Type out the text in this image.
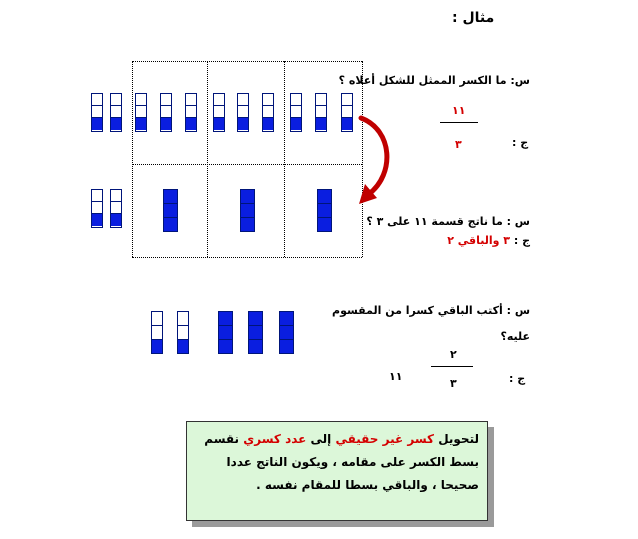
مثال :
س: ما الكسر الممثل للشكل أعلاه ؟
١١
٣	ج :
س : ما ناتج قسمة ١١ على ٣ ؟
ج : ٣ والباقي ٢
س : أكتب الباقي كسرا من المقسوم
عليه؟
٢
٣
١١	ج :
لتحويل كسر غير حقيقي إلى عدد كسري نقسم بسط الكسر على مقامه ، ويكون الناتج عددا صحيحا ، والباقي بسطا للمقام نفسه .
